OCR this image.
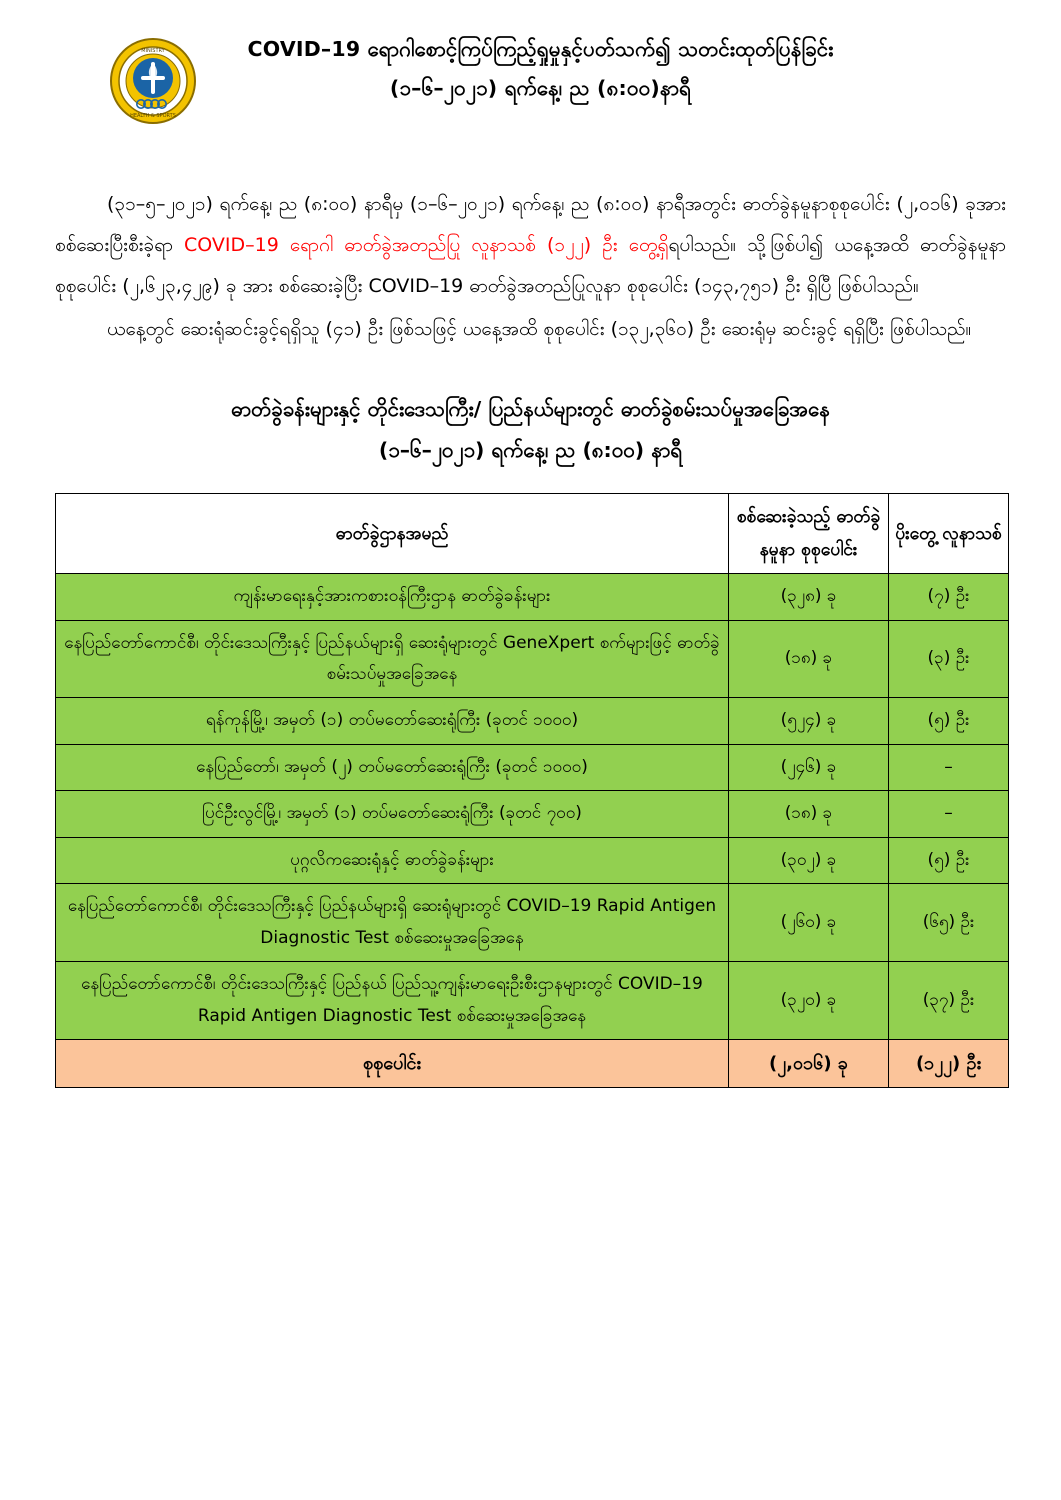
MINISTRY
HEALTH & SPORTS
COVID–19 ရောဂါစောင့်ကြပ်ကြည့်ရှုမှုနှင့်ပတ်သက်၍ သတင်းထုတ်ပြန်ခြင်း
(၁–၆–၂၀၂၁) ရက်နေ့၊ ည (၈:၀၀)နာရီ
(၃၁–၅–၂၀၂၁) ရက်နေ့၊ ည (၈:၀၀) နာရီမှ (၁–၆–၂၀၂၁) ရက်နေ့၊ ည (၈:၀၀) နာရီအတွင်း ဓာတ်ခွဲနမူနာစုစုပေါင်း (၂,၀၁၆) ခုအား စစ်ဆေးပြီးစီးခဲ့ရာ COVID–19 ရောဂါ ဓာတ်ခွဲအတည်ပြု လူနာသစ် (၁၂၂) ဦး တွေ့ရှိရပါသည်။ သို့ဖြစ်ပါ၍ ယနေ့အထိ ဓာတ်ခွဲနမူနာ စုစုပေါင်း (၂,၆၂၃,၄၂၉) ခု အား စစ်ဆေးခဲ့ပြီး COVID–19 ဓာတ်ခွဲအတည်ပြုလူနာ စုစုပေါင်း (၁၄၃,၇၅၁) ဦး ရှိပြီ ဖြစ်ပါသည်။
ယနေ့တွင် ဆေးရုံဆင်းခွင့်ရရှိသူ (၄၁) ဦး ဖြစ်သဖြင့် ယနေ့အထိ စုစုပေါင်း (၁၃၂,၃၆၀) ဦး ဆေးရုံမှ ဆင်းခွင့် ရရှိပြီး ဖြစ်ပါသည်။
ဓာတ်ခွဲခန်းများနှင့် တိုင်းဒေသကြီး/ ပြည်နယ်များတွင် ဓာတ်ခွဲစမ်းသပ်မှုအခြေအနေ
(၁–၆–၂၀၂၁) ရက်နေ့၊ ည (၈:၀၀) နာရီ
ဓာတ်ခွဲဌာနအမည်	စစ်ဆေးခဲ့သည့် ဓာတ်ခွဲနမူနာ စုစုပေါင်း	ပိုးတွေ့ လူနာသစ်
ကျန်းမာရေးနှင့်အားကစားဝန်ကြီးဌာန ဓာတ်ခွဲခန်းများ	(၃၂၈) ခု	(၇) ဦး
နေပြည်တော်ကောင်စီ၊ တိုင်းဒေသကြီးနှင့် ပြည်နယ်များရှိ ဆေးရုံများတွင် GeneXpert စက်များဖြင့် ဓာတ်ခွဲစမ်းသပ်မှုအခြေအနေ	(၁၈) ခု	(၃) ဦး
ရန်ကုန်မြို့၊ အမှတ် (၁) တပ်မတော်ဆေးရုံကြီး (ခုတင် ၁၀၀၀)	(၅၂၄) ခု	(၅) ဦး
နေပြည်တော်၊ အမှတ် (၂) တပ်မတော်ဆေးရုံကြီး (ခုတင် ၁၀၀၀)	(၂၄၆) ခု	–
ပြင်ဦးလွင်မြို့၊ အမှတ် (၁) တပ်မတော်ဆေးရုံကြီး (ခုတင် ၇၀၀)	(၁၈) ခု	–
ပုဂ္ဂလိကဆေးရုံနှင့် ဓာတ်ခွဲခန်းများ	(၃၀၂) ခု	(၅) ဦး
နေပြည်တော်ကောင်စီ၊ တိုင်းဒေသကြီးနှင့် ပြည်နယ်များရှိ ဆေးရုံများတွင် COVID–19 Rapid Antigen Diagnostic Test စစ်ဆေးမှုအခြေအနေ	(၂၆၀) ခု	(၆၅) ဦး
နေပြည်တော်ကောင်စီ၊ တိုင်းဒေသကြီးနှင့် ပြည်နယ် ပြည်သူ့ကျန်းမာရေးဦးစီးဌာနများတွင် COVID–19 Rapid Antigen Diagnostic Test စစ်ဆေးမှုအခြေအနေ	(၃၂၀) ခု	(၃၇) ဦး
စုစုပေါင်း	(၂,၀၁၆) ခု	(၁၂၂) ဦး
